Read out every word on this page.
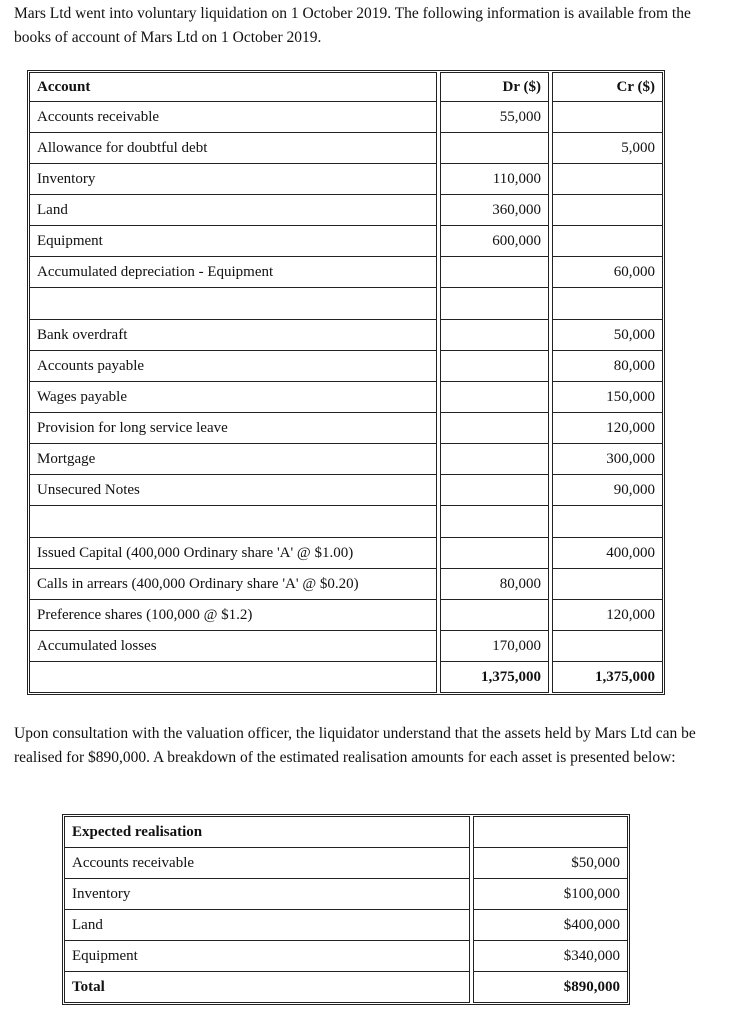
Mars Ltd went into voluntary liquidation on 1 October 2019. The following information is available from the books of account of Mars Ltd on 1 October 2019.

Account		Dr ($)		Cr ($)
Accounts receivable		55,000		
Allowance for doubtful debt				5,000
Inventory		110,000		
Land		360,000		
Equipment		600,000		
Accumulated depreciation - Equipment				60,000

Bank overdraft				50,000
Accounts payable				80,000
Wages payable				150,000
Provision for long service leave				120,000
Mortgage				300,000
Unsecured Notes				90,000

Issued Capital (400,000 Ordinary share 'A' @ $1.00)				400,000
Calls in arrears (400,000 Ordinary share 'A' @ $0.20)		80,000		
Preference shares (100,000 @ $1.2)				120,000
Accumulated losses		170,000		
		1,375,000		1,375,000

Upon consultation with the valuation officer, the liquidator understand that the assets held by Mars Ltd can be realised for $890,000. A breakdown of the estimated realisation amounts for each asset is presented below:

Expected realisation		
Accounts receivable		$50,000
Inventory		$100,000
Land		$400,000
Equipment		$340,000
Total		$890,000
